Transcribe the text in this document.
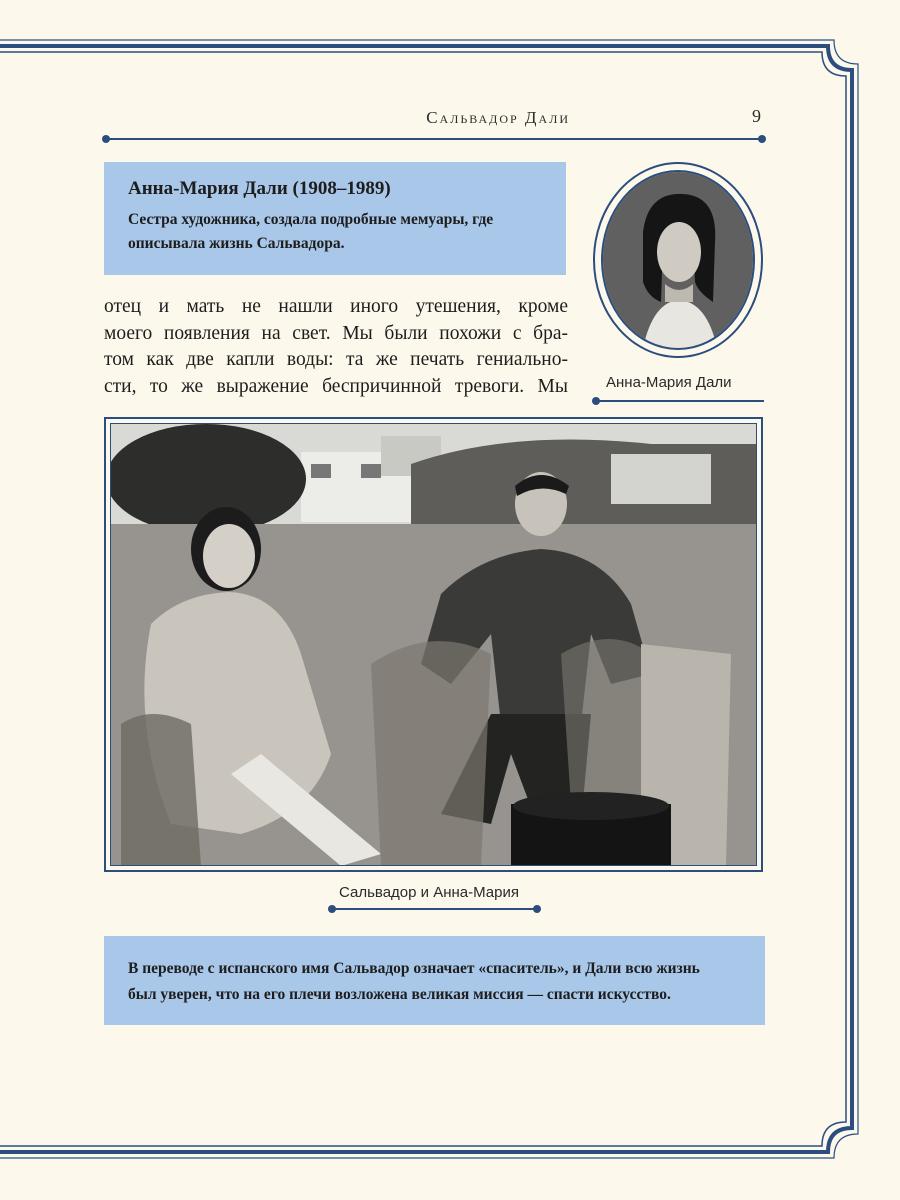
Сальвадор Дали	9
Анна-Мария Дали (1908–1989)
Сестра художника, создала подробные мемуары, где
описывала жизнь Сальвадора.
Анна-Мария Дали
отец и мать не нашли иного утешения, кроме
моего появления на свет. Мы были похожи с бра-
том как две капли воды: та же печать гениально-
сти, то же выражение беспричинной тревоги. Мы
Сальвадор и Анна-Мария
В переводе с испанского имя Сальвадор означает «спаситель», и Дали всю жизнь
был уверен, что на его плечи возложена великая миссия — спасти искусство.
